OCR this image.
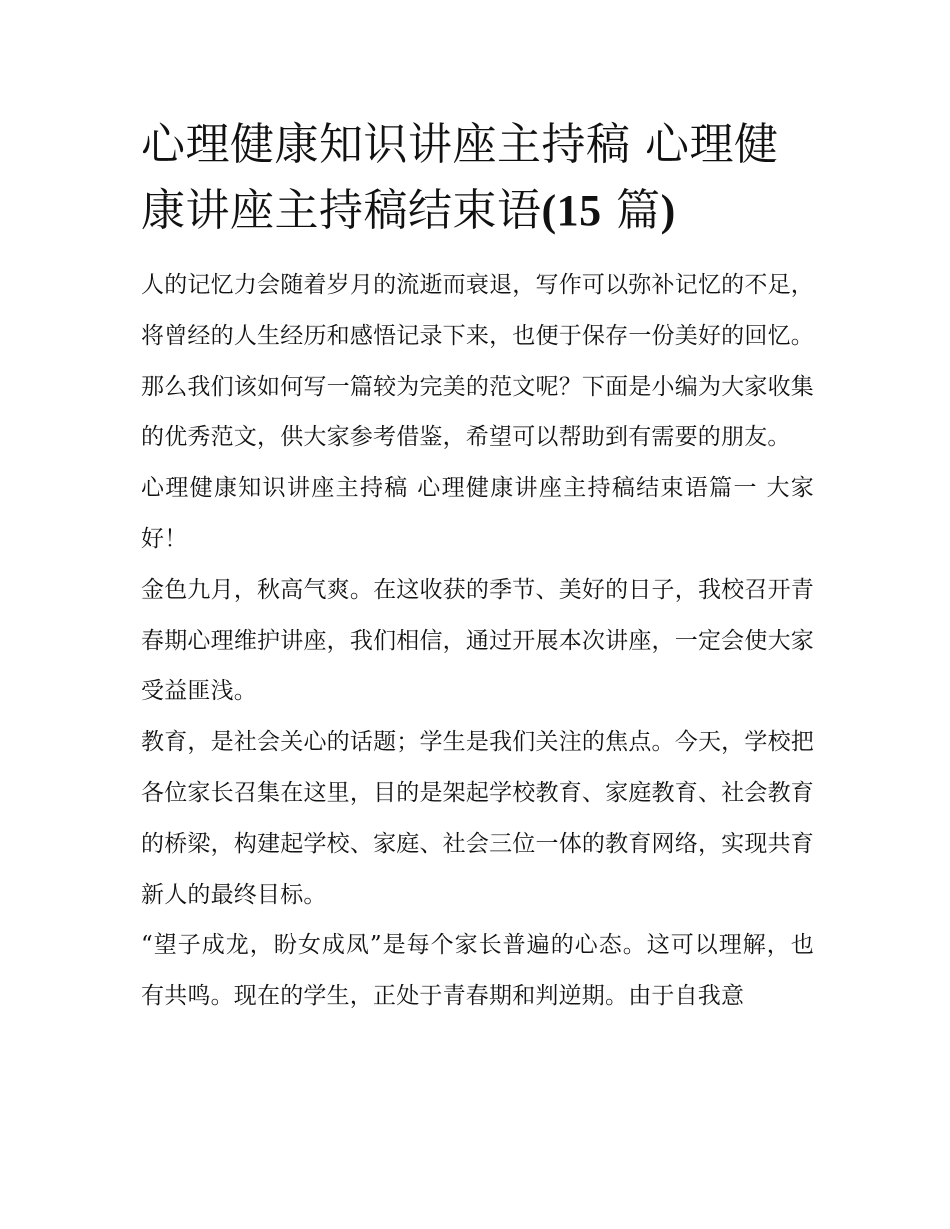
心理健康知识讲座主持稿 心理健康讲座主持稿结束语(15 篇)

人的记忆力会随着岁月的流逝而衰退，写作可以弥补记忆的不足，将曾经的人生经历和感悟记录下来，也便于保存一份美好的回忆。那么我们该如何写一篇较为完美的范文呢？下面是小编为大家收集的优秀范文，供大家参考借鉴，希望可以帮助到有需要的朋友。

心理健康知识讲座主持稿 心理健康讲座主持稿结束语篇一 大家好！

金色九月，秋高气爽。在这收获的季节、美好的日子，我校召开青春期心理维护讲座，我们相信，通过开展本次讲座，一定会使大家受益匪浅。

教育，是社会关心的话题；学生是我们关注的焦点。今天，学校把各位家长召集在这里，目的是架起学校教育、家庭教育、社会教育的桥梁，构建起学校、家庭、社会三位一体的教育网络，实现共育新人的最终目标。

“望子成龙，盼女成凤”是每个家长普遍的心态。这可以理解，也有共鸣。现在的学生，正处于青春期和判逆期。由于自我意
